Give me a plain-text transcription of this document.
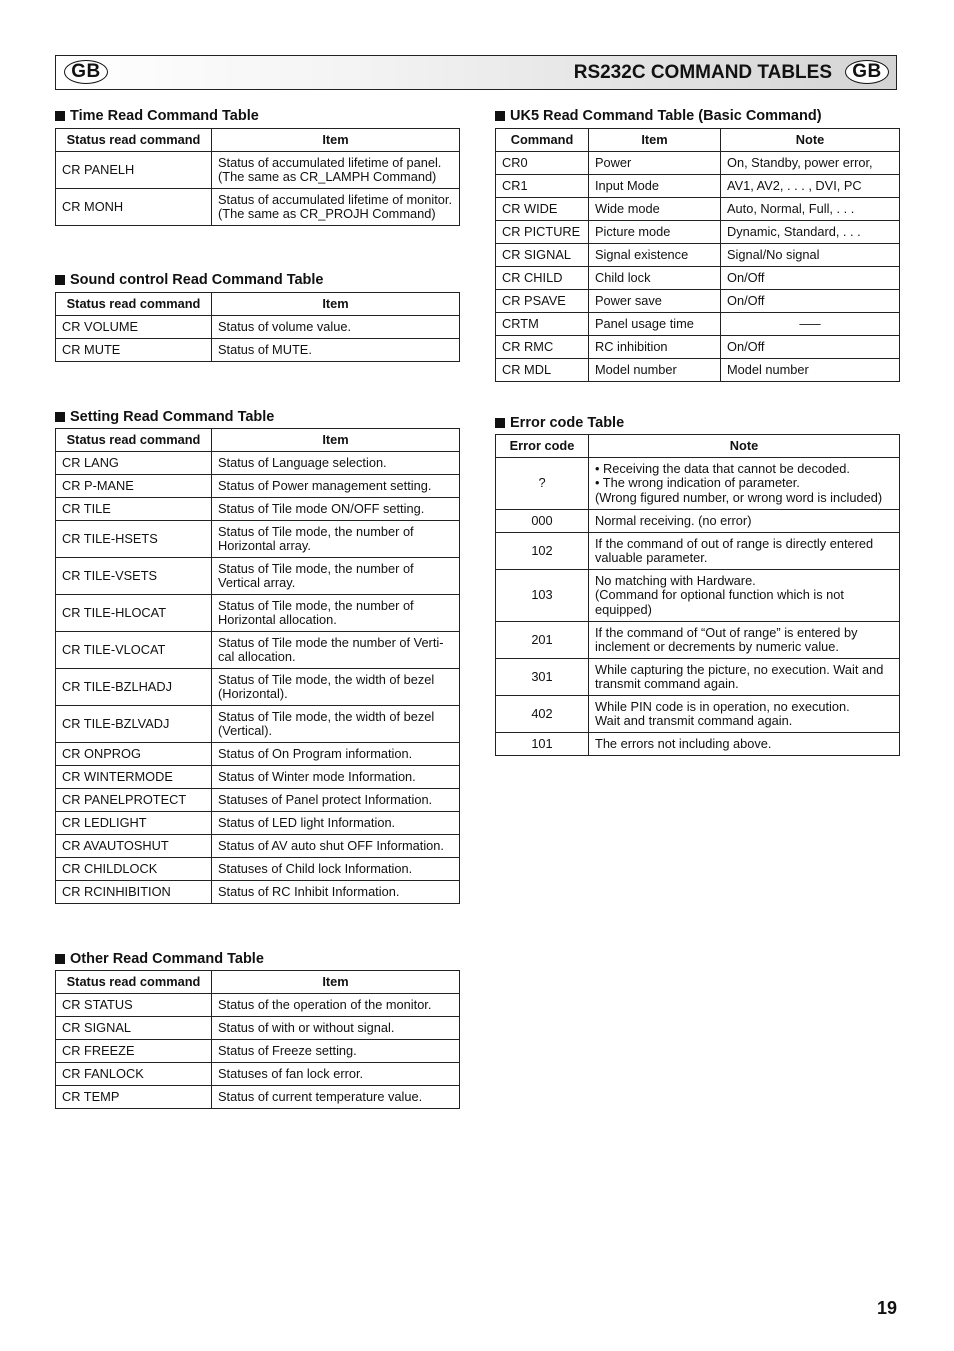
GB	RS232C COMMAND TABLES	GB
Time Read Command Table
Status read command	Item
CR PANELH	Status of accumulated lifetime of panel.
(The same as CR_LAMPH Command)
CR MONH	Status of accumulated lifetime of monitor.
(The same as CR_PROJH Command)
Sound control Read Command Table
Status read command	Item
CR VOLUME	Status of volume value.
CR MUTE	Status of MUTE.
Setting Read Command Table
Status read command	Item
CR LANG	Status of Language selection.
CR P-MANE	Status of Power management setting.
CR TILE	Status of Tile mode ON/OFF setting.
CR TILE-HSETS	Status of Tile mode, the number of
Horizontal array.
CR TILE-VSETS	Status of Tile mode, the number of
Vertical array.
CR TILE-HLOCAT	Status of Tile mode, the number of
Horizontal allocation.
CR TILE-VLOCAT	Status of Tile mode the number of Verti-
cal allocation.
CR TILE-BZLHADJ	Status of Tile mode, the width of bezel
(Horizontal).
CR TILE-BZLVADJ	Status of Tile mode, the width of bezel
(Vertical).
CR ONPROG	Status of On Program information.
CR WINTERMODE	Status of Winter mode Information.
CR PANELPROTECT	Statuses of Panel protect Information.
CR LEDLIGHT	Status of LED light Information.
CR AVAUTOSHUT	Status of AV auto shut OFF Information.
CR CHILDLOCK	Statuses of Child lock Information.
CR RCINHIBITION	Status of RC Inhibit Information.
Other Read Command Table
Status read command	Item
CR STATUS	Status of the operation of the monitor.
CR SIGNAL	Status of with or without signal.
CR FREEZE	Status of Freeze setting.
CR FANLOCK	Statuses of fan lock error.
CR TEMP	Status of current temperature value.
UK5 Read Command Table (Basic Command)
Command	Item	Note
CR0	Power	On, Standby, power error,
CR1	Input Mode	AV1, AV2, . . . , DVI, PC
CR WIDE	Wide mode	Auto, Normal, Full, . . .
CR PICTURE	Picture mode	Dynamic, Standard, . . .
CR SIGNAL	Signal existence	Signal/No signal
CR CHILD	Child lock	On/Off
CR PSAVE	Power save	On/Off
CRTM	Panel usage time	–––
CR RMC	RC inhibition	On/Off
CR MDL	Model number	Model number
Error code Table
Error code	Note
?	• Receiving the data that cannot be decoded.
• The wrong indication of parameter.
(Wrong figured number, or wrong word is included)
000	Normal receiving. (no error)
102	If the command of out of range is directly entered
valuable parameter.
103	No matching with Hardware.
(Command for optional function which is not
equipped)
201	If the command of “Out of range” is entered by
inclement or decrements by numeric value.
301	While capturing the picture, no execution. Wait and
transmit command again.
402	While PIN code is in operation, no execution.
Wait and transmit command again.
101	The errors not including above.
19
